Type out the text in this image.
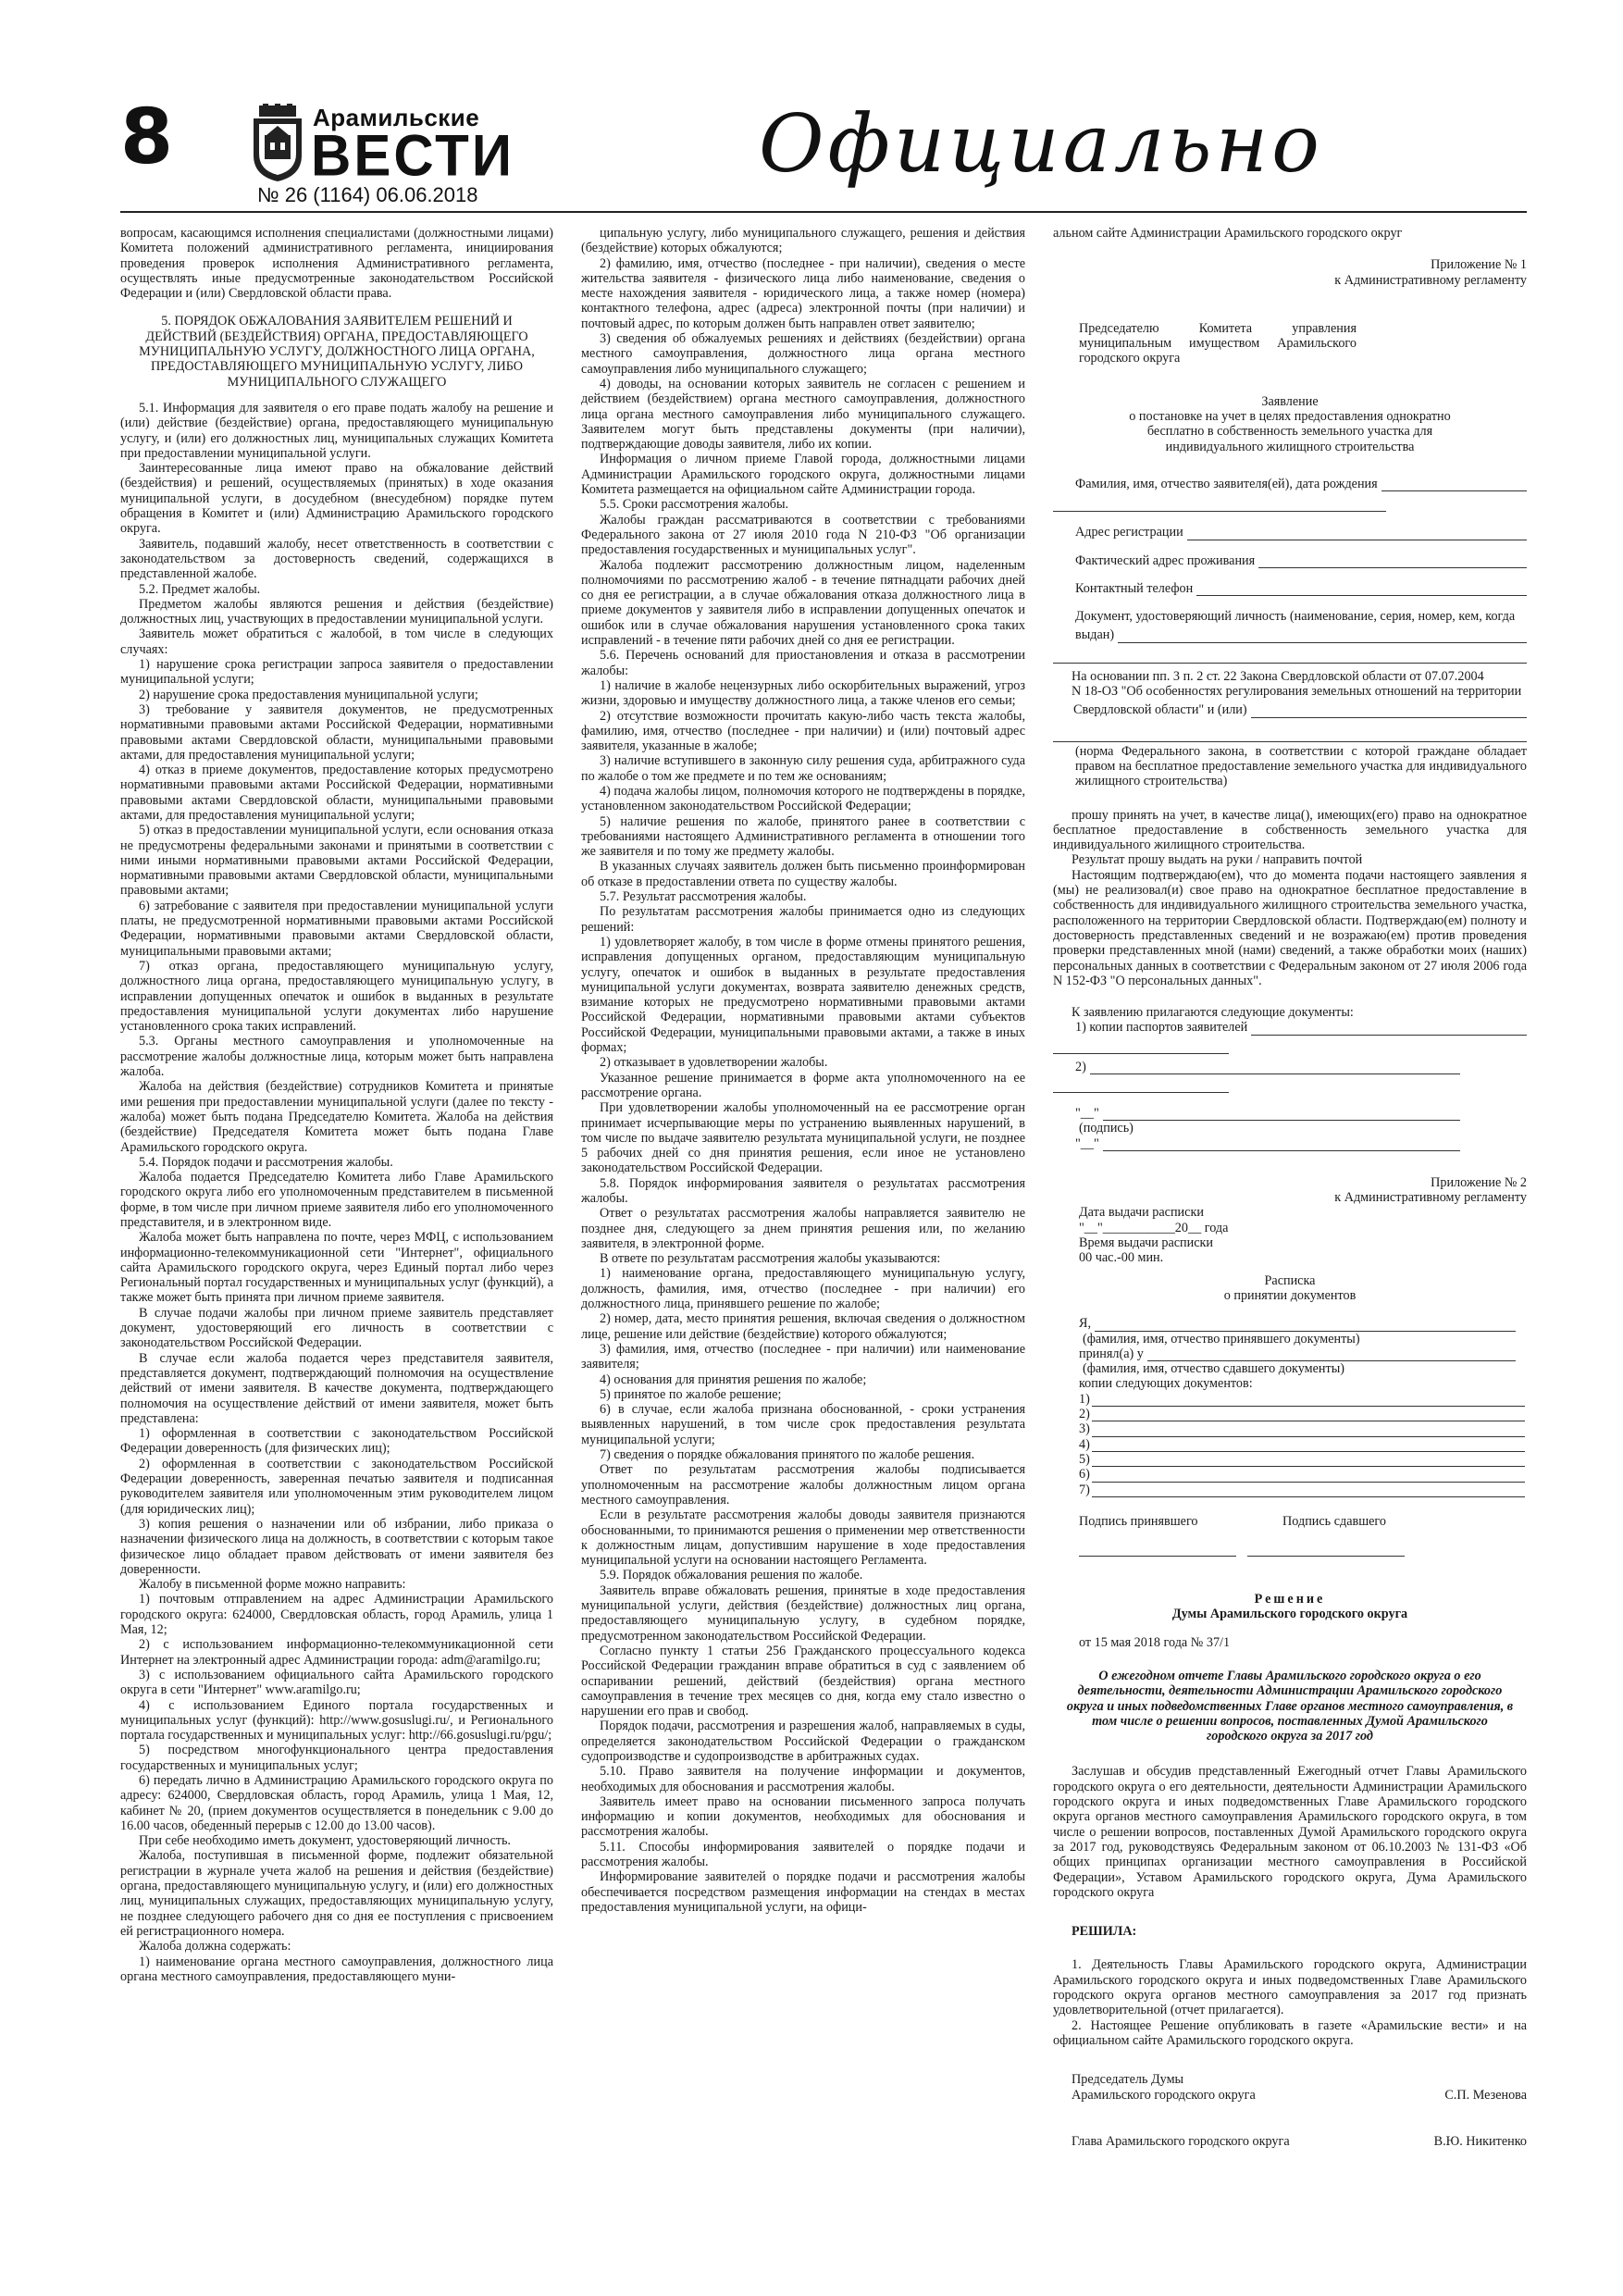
8	Арамильские
ВЕСТИ
№ 26 (1164) 06.06.2018
Официально

вопросам, касающимся исполнения специалистами (должностными лицами) Комитета положений административного регламента, инициирования проведения проверок исполнения Административного регламента, осуществлять иные предусмотренные законодательством Российской Федерации и (или) Свердловской области права.

5. ПОРЯДОК ОБЖАЛОВАНИЯ ЗАЯВИТЕЛЕМ РЕШЕНИЙ И ДЕЙСТВИЙ (БЕЗДЕЙСТВИЯ) ОРГАНА, ПРЕДОСТАВЛЯЮЩЕГО МУНИЦИПАЛЬНУЮ УСЛУГУ, ДОЛЖНОСТНОГО ЛИЦА ОРГАНА, ПРЕДОСТАВЛЯЮЩЕГО МУНИЦИПАЛЬНУЮ УСЛУГУ, ЛИБО МУНИЦИПАЛЬНОГО СЛУЖАЩЕГО

5.1. Информация для заявителя о его праве подать жалобу на решение и (или) действие (бездействие) органа, предоставляющего муниципальную услугу, и (или) его должностных лиц, муниципальных служащих Комитета при предоставлении муниципальной услуги.

Заинтересованные лица имеют право на обжалование действий (бездействия) и решений, осуществляемых (принятых) в ходе оказания муниципальной услуги, в досудебном (внесудебном) порядке путем обращения в Комитет и (или) Администрацию Арамильского городского округа.

Заявитель, подавший жалобу, несет ответственность в соответствии с законодательством за достоверность сведений, содержащихся в представленной жалобе.

5.2. Предмет жалобы.

Предметом жалобы являются решения и действия (бездействие) должностных лиц, участвующих в предоставлении муниципальной услуги.

Заявитель может обратиться с жалобой, в том числе в следующих случаях:

1) нарушение срока регистрации запроса заявителя о предоставлении муниципальной услуги;

2) нарушение срока предоставления муниципальной услуги;

3) требование у заявителя документов, не предусмотренных нормативными правовыми актами Российской Федерации, нормативными правовыми актами Свердловской области, муниципальными правовыми актами, для предоставления муниципальной услуги;

4) отказ в приеме документов, предоставление которых предусмотрено нормативными правовыми актами Российской Федерации, нормативными правовыми актами Свердловской области, муниципальными правовыми актами, для предоставления муниципальной услуги;

5) отказ в предоставлении муниципальной услуги, если основания отказа не предусмотрены федеральными законами и принятыми в соответствии с ними иными нормативными правовыми актами Российской Федерации, нормативными правовыми актами Свердловской области, муниципальными правовыми актами;

6) затребование с заявителя при предоставлении муниципальной услуги платы, не предусмотренной нормативными правовыми актами Российской Федерации, нормативными правовыми актами Свердловской области, муниципальными правовыми актами;

7) отказ органа, предоставляющего муниципальную услугу, должностного лица органа, предоставляющего муниципальную услугу, в исправлении допущенных опечаток и ошибок в выданных в результате предоставления муниципальной услуги документах либо нарушение установленного срока таких исправлений.

5.3. Органы местного самоуправления и уполномоченные на рассмотрение жалобы должностные лица, которым может быть направлена жалоба.

Жалоба на действия (бездействие) сотрудников Комитета и принятые ими решения при предоставлении муниципальной услуги (далее по тексту - жалоба) может быть подана Председателю Комитета. Жалоба на действия (бездействие) Председателя Комитета может быть подана Главе Арамильского городского округа.

5.4. Порядок подачи и рассмотрения жалобы.

Жалоба подается Председателю Комитета либо Главе Арамильского городского округа либо его уполномоченным представителем в письменной форме, в том числе при личном приеме заявителя либо его уполномоченного представителя, и в электронном виде.

Жалоба может быть направлена по почте, через МФЦ, с использованием информационно-телекоммуникационной сети "Интернет", официального сайта Арамильского городского округа, через Единый портал либо через Региональный портал государственных и муниципальных услуг (функций), а также может быть принята при личном приеме заявителя.

В случае подачи жалобы при личном приеме заявитель представляет документ, удостоверяющий его личность в соответствии с законодательством Российской Федерации.

В случае если жалоба подается через представителя заявителя, представляется документ, подтверждающий полномочия на осуществление действий от имени заявителя. В качестве документа, подтверждающего полномочия на осуществление действий от имени заявителя, может быть представлена:

1) оформленная в соответствии с законодательством Российской Федерации доверенность (для физических лиц);

2) оформленная в соответствии с законодательством Российской Федерации доверенность, заверенная печатью заявителя и подписанная руководителем заявителя или уполномоченным этим руководителем лицом (для юридических лиц);

3) копия решения о назначении или об избрании, либо приказа о назначении физического лица на должность, в соответствии с которым такое физическое лицо обладает правом действовать от имени заявителя без доверенности.

Жалобу в письменной форме можно направить:

1) почтовым отправлением на адрес Администрации Арамильского городского округа: 624000, Свердловская область, город Арамиль, улица 1 Мая, 12;

2) с использованием информационно-телекоммуникационной сети Интернет на электронный адрес Администрации города: adm@aramilgo.ru;

3) с использованием официального сайта Арамильского городского округа в сети "Интернет" www.aramilgo.ru;

4) с использованием Единого портала государственных и муниципальных услуг (функций): http://www.gosuslugi.ru/, и Регионального портала государственных и муниципальных услуг: http://66.gosuslugi.ru/pgu/;

5) посредством многофункционального центра предоставления государственных и муниципальных услуг;

6) передать лично в Администрацию Арамильского городского округа по адресу: 624000, Свердловская область, город Арамиль, улица 1 Мая, 12, кабинет № 20, (прием документов осуществляется в понедельник с 9.00 до 16.00 часов, обеденный перерыв с 12.00 до 13.00 часов).

При себе необходимо иметь документ, удостоверяющий личность.

Жалоба, поступившая в письменной форме, подлежит обязательной регистрации в журнале учета жалоб на решения и действия (бездействие) органа, предоставляющего муниципальную услугу, и (или) его должностных лиц, муниципальных служащих, предоставляющих муниципальную услугу, не позднее следующего рабочего дня со дня ее поступления с присвоением ей регистрационного номера.

Жалоба должна содержать:

1) наименование органа местного самоуправления, должностного лица органа местного самоуправления, предоставляющего муни-

ципальную услугу, либо муниципального служащего, решения и действия (бездействие) которых обжалуются;

2) фамилию, имя, отчество (последнее - при наличии), сведения о месте жительства заявителя - физического лица либо наименование, сведения о месте нахождения заявителя - юридического лица, а также номер (номера) контактного телефона, адрес (адреса) электронной почты (при наличии) и почтовый адрес, по которым должен быть направлен ответ заявителю;

3) сведения об обжалуемых решениях и действиях (бездействии) органа местного самоуправления, должностного лица органа местного самоуправления либо муниципального служащего;

4) доводы, на основании которых заявитель не согласен с решением и действием (бездействием) органа местного самоуправления, должностного лица органа местного самоуправления либо муниципального служащего. Заявителем могут быть представлены документы (при наличии), подтверждающие доводы заявителя, либо их копии.

Информация о личном приеме Главой города, должностными лицами Администрации Арамильского городского округа, должностными лицами Комитета размещается на официальном сайте Администрации города.

5.5. Сроки рассмотрения жалобы.

Жалобы граждан рассматриваются в соответствии с требованиями Федерального закона от 27 июля 2010 года N 210-ФЗ "Об организации предоставления государственных и муниципальных услуг".

Жалоба подлежит рассмотрению должностным лицом, наделенным полномочиями по рассмотрению жалоб - в течение пятнадцати рабочих дней со дня ее регистрации, а в случае обжалования отказа должностного лица в приеме документов у заявителя либо в исправлении допущенных опечаток и ошибок или в случае обжалования нарушения установленного срока таких исправлений - в течение пяти рабочих дней со дня ее регистрации.

5.6. Перечень оснований для приостановления и отказа в рассмотрении жалобы:

1) наличие в жалобе нецензурных либо оскорбительных выражений, угроз жизни, здоровью и имуществу должностного лица, а также членов его семьи;

2) отсутствие возможности прочитать какую-либо часть текста жалобы, фамилию, имя, отчество (последнее - при наличии) и (или) почтовый адрес заявителя, указанные в жалобе;

3) наличие вступившего в законную силу решения суда, арбитражного суда по жалобе о том же предмете и по тем же основаниям;

4) подача жалобы лицом, полномочия которого не подтверждены в порядке, установленном законодательством Российской Федерации;

5) наличие решения по жалобе, принятого ранее в соответствии с требованиями настоящего Административного регламента в отношении того же заявителя и по тому же предмету жалобы.

В указанных случаях заявитель должен быть письменно проинформирован об отказе в предоставлении ответа по существу жалобы.

5.7. Результат рассмотрения жалобы.

По результатам рассмотрения жалобы принимается одно из следующих решений:

1) удовлетворяет жалобу, в том числе в форме отмены принятого решения, исправления допущенных органом, предоставляющим муниципальную услугу, опечаток и ошибок в выданных в результате предоставления муниципальной услуги документах, возврата заявителю денежных средств, взимание которых не предусмотрено нормативными правовыми актами Российской Федерации, нормативными правовыми актами субъектов Российской Федерации, муниципальными правовыми актами, а также в иных формах;

2) отказывает в удовлетворении жалобы.

Указанное решение принимается в форме акта уполномоченного на ее рассмотрение органа.

При удовлетворении жалобы уполномоченный на ее рассмотрение орган принимает исчерпывающие меры по устранению выявленных нарушений, в том числе по выдаче заявителю результата муниципальной услуги, не позднее 5 рабочих дней со дня принятия решения, если иное не установлено законодательством Российской Федерации.

5.8. Порядок информирования заявителя о результатах рассмотрения жалобы.

Ответ о результатах рассмотрения жалобы направляется заявителю не позднее дня, следующего за днем принятия решения или, по желанию заявителя, в электронной форме.

В ответе по результатам рассмотрения жалобы указываются:

1) наименование органа, предоставляющего муниципальную услугу, должность, фамилия, имя, отчество (последнее - при наличии) его должностного лица, принявшего решение по жалобе;

2) номер, дата, место принятия решения, включая сведения о должностном лице, решение или действие (бездействие) которого обжалуются;

3) фамилия, имя, отчество (последнее - при наличии) или наименование заявителя;

4) основания для принятия решения по жалобе;

5) принятое по жалобе решение;

6) в случае, если жалоба признана обоснованной, - сроки устранения выявленных нарушений, в том числе срок предоставления результата муниципальной услуги;

7) сведения о порядке обжалования принятого по жалобе решения.

Ответ по результатам рассмотрения жалобы подписывается уполномоченным на рассмотрение жалобы должностным лицом органа местного самоуправления.

Если в результате рассмотрения жалобы доводы заявителя признаются обоснованными, то принимаются решения о применении мер ответственности к должностным лицам, допустившим нарушение в ходе предоставления муниципальной услуги на основании настоящего Регламента.

5.9. Порядок обжалования решения по жалобе.

Заявитель вправе обжаловать решения, принятые в ходе предоставления муниципальной услуги, действия (бездействие) должностных лиц органа, предоставляющего муниципальную услугу, в судебном порядке, предусмотренном законодательством Российской Федерации.

Согласно пункту 1 статьи 256 Гражданского процессуального кодекса Российской Федерации гражданин вправе обратиться в суд с заявлением об оспаривании решений, действий (бездействия) органа местного самоуправления в течение трех месяцев со дня, когда ему стало известно о нарушении его прав и свобод.

Порядок подачи, рассмотрения и разрешения жалоб, направляемых в суды, определяется законодательством Российской Федерации о гражданском судопроизводстве и судопроизводстве в арбитражных судах.

5.10. Право заявителя на получение информации и документов, необходимых для обоснования и рассмотрения жалобы.

Заявитель имеет право на основании письменного запроса получать информацию и копии документов, необходимых для обоснования и рассмотрения жалобы.

5.11. Способы информирования заявителей о порядке подачи и рассмотрения жалобы.

Информирование заявителей о порядке подачи и рассмотрения жалобы обеспечивается посредством размещения информации на стендах в местах предоставления муниципальной услуги, на офици-

альном сайте Администрации Арамильского городского округ

Приложение № 1
к Административному регламенту
Председателю Комитета управления муниципальным имуществом Арамильского городского округа
Заявление
о постановке на учет в целях предоставления однократно бесплатно в собственность земельного участка для индивидуального жилищного строительства
Фамилия, имя, отчество заявителя(ей), дата рождения
Адрес регистрации
Фактический адрес проживания
Контактный телефон

Документ, удостоверяющий личность (наименование, серия, номер, кем, когда

выдан)

На основании пп. 3 п. 2 ст. 22 Закона Свердловской области от 07.07.2004

N 18-ОЗ "Об особенностях регулирования земельных отношений на территории

Свердловской области" и (или)

(норма Федерального закона, в соответствии с которой граждане обладает правом на бесплатное предоставление земельного участка для индивидуального жилищного строительства)

прошу принять на учет, в качестве лица(), имеющих(его) право на однократное бесплатное предоставление в собственность земельного участка для индивидуального жилищного строительства.

Результат прошу выдать на руки / направить почтой

Настоящим подтверждаю(ем), что до момента подачи настоящего заявления я (мы) не реализовал(и) свое право на однократное бесплатное предоставление в собственность для индивидуального жилищного строительства земельного участка, расположенного на территории Свердловской области. Подтверждаю(ем) полноту и достоверность представленных сведений и не возражаю(ем) против проведения проверки представленных мной (нами) сведений, а также обработки моих (наших) персональных данных в соответствии с Федеральным законом от 27 июля 2006 года N 152-ФЗ "О персональных данных".

К заявлению прилагаются следующие документы:

1) копии паспортов заявителей
2)
"__"
(подпись)
"__"
Приложение № 2
к Административному регламенту
Дата выдачи расписки
"__"___________20__ года
Время выдачи расписки
00 час.-00 мин.
Расписка
о принятии документов
Я,
(фамилия, имя, отчество принявшего документы)
принял(а) у
(фамилия, имя, отчество сдавшего документы)
копии следующих документов:
1)
2)
3)
4)
5)
6)
7)
Подпись принявшего	Подпись сдавшего
Решение
Думы Арамильского городского округа
от 15 мая 2018 года № 37/1

О ежегодном отчете Главы Арамильского городского округа о его деятельности, деятельности Администрации Арамильского городского округа и иных подведомственных Главе органов местного самоуправления, в том числе о решении вопросов, поставленных Думой Арамильского городского округа за 2017 год

Заслушав и обсудив представленный Ежегодный отчет Главы Арамильского городского округа о его деятельности, деятельности Администрации Арамильского городского округа и иных подведомственных Главе Арамильского городского округа органов местного самоуправления Арамильского городского округа, в том числе о решении вопросов, поставленных Думой Арамильского городского округа за 2017 год, руководствуясь Федеральным законом от 06.10.2003 № 131-ФЗ «Об общих принципах организации местного самоуправления в Российской Федерации», Уставом Арамильского городского округа, Дума Арамильского городского округа

РЕШИЛА:

1. Деятельность Главы Арамильского городского округа, Администрации Арамильского городского округа и иных подведомственных Главе Арамильского городского округа органов местного самоуправления за 2017 год признать удовлетворительной (отчет прилагается).

2. Настоящее Решение опубликовать в газете «Арамильские вести» и на официальном сайте Арамильского городского округа.

Председатель Думы
Арамильского городского округа	С.П. Мезенова
Глава Арамильского городского округа	В.Ю. Никитенко
